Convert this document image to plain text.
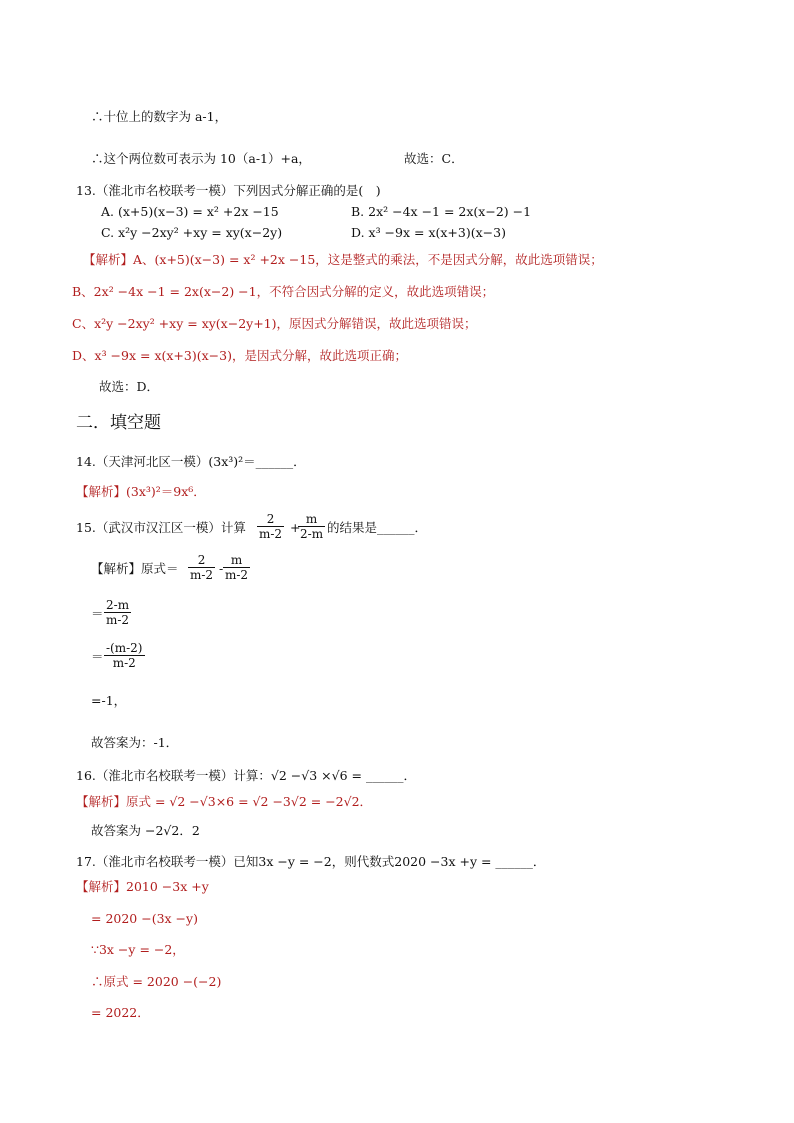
∴十位上的数字为 a-1，
∴这个两位数可表示为 10（a-1）+a，	故选：C．
13.（淮北市名校联考一模）下列因式分解正确的是(　)
A. (x+5)(x−3) = x² +2x −15	B. 2x² −4x −1 = 2x(x−2) −1
C. x²y −2xy² +xy = xy(x−2y)	D. x³ −9x = x(x+3)(x−3)
【解析】A、(x+5)(x−3) = x² +2x −15，这是整式的乘法，不是因式分解，故此选项错误；
B、2x² −4x −1 = 2x(x−2) −1，不符合因式分解的定义，故此选项错误；
C、x²y −2xy² +xy = xy(x−2y+1)，原因式分解错误，故此选项错误；
D、x³ −9x = x(x+3)(x−3)，是因式分解，故此选项正确；
故选：D．
二．填空题
14.（天津河北区一模）(3x³)²＝______．
【解析】(3x³)²＝9x⁶．
15.（武汉市汉江区一模）计算 $\frac{2}{m-2}$ +
$\frac{m}{2-m}$ 的结果是______．
【解析】原式＝ $\frac{2}{m-2} - \frac{m}{m-2}$
＝ $\frac{2-m}{m-2}$
＝ $\frac{-(m-2)}{m-2}$
=-1，
故答案为：-1．
16.（淮北市名校联考一模）计算：√2 −√3 ×√6 = ______．
【解析】原式 = √2 −√3×6 = √2 −3√2 = −2√2．
故答案为 −2√2．2
17.（淮北市名校联考一模）已知3x −y = −2，则代数式2020 −3x +y = ______．
【解析】2010 −3x +y
= 2020 −(3x −y)
∵3x −y = −2，
∴原式 = 2020 −(−2)
= 2022．
